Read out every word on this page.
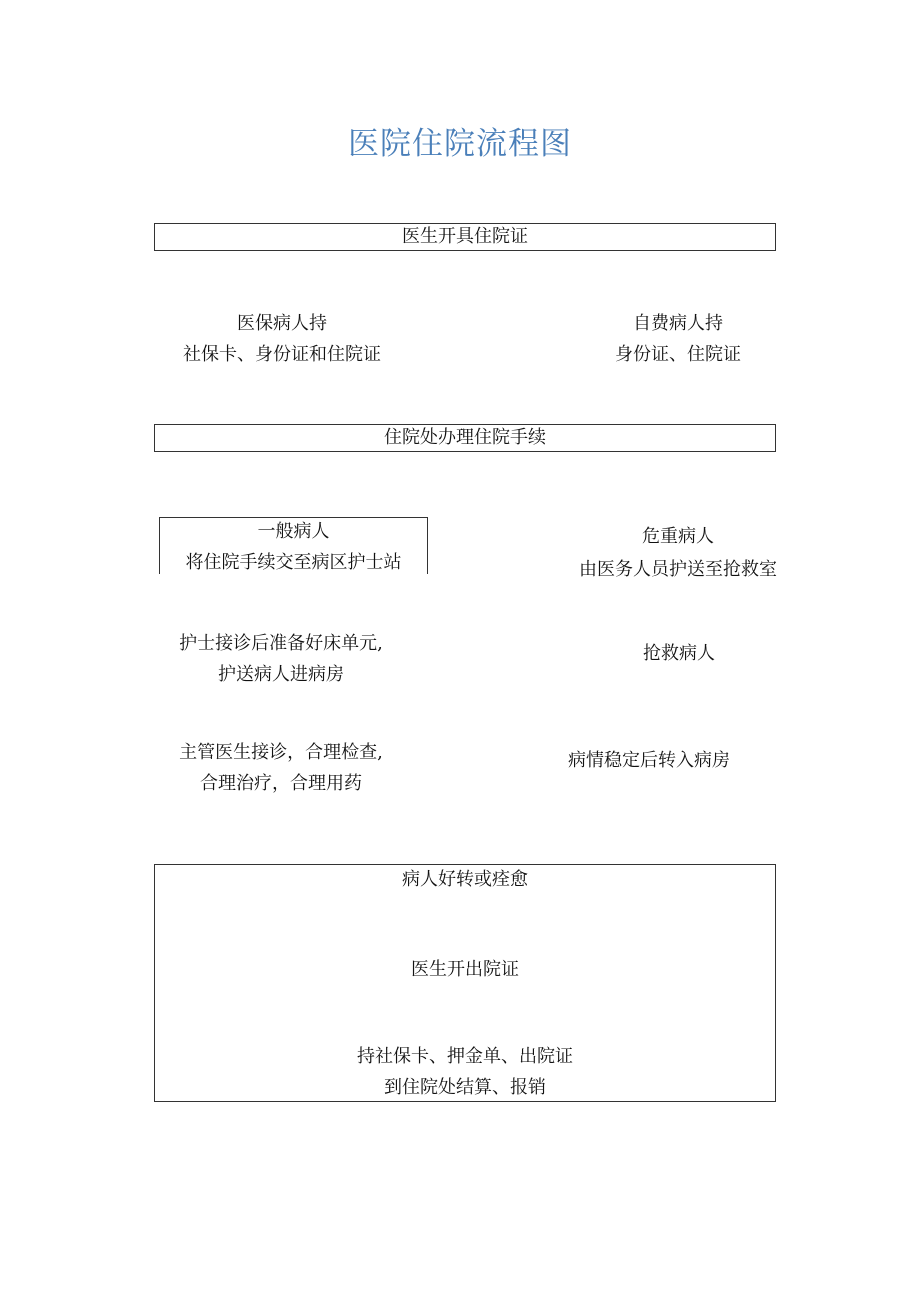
医院住院流程图
医生开具住院证
医保病人持
社保卡、身份证和住院证
自费病人持
身份证、住院证
住院处办理住院手续
一般病人
将住院手续交至病区护士站
危重病人
由医务人员护送至抢救室
护士接诊后准备好床单元,
护送病人进病房
抢救病人
主管医生接诊，合理检查,
合理治疗，合理用药
病情稳定后转入病房
病人好转或痊愈
医生开出院证
持社保卡、押金单、出院证
到住院处结算、报销
